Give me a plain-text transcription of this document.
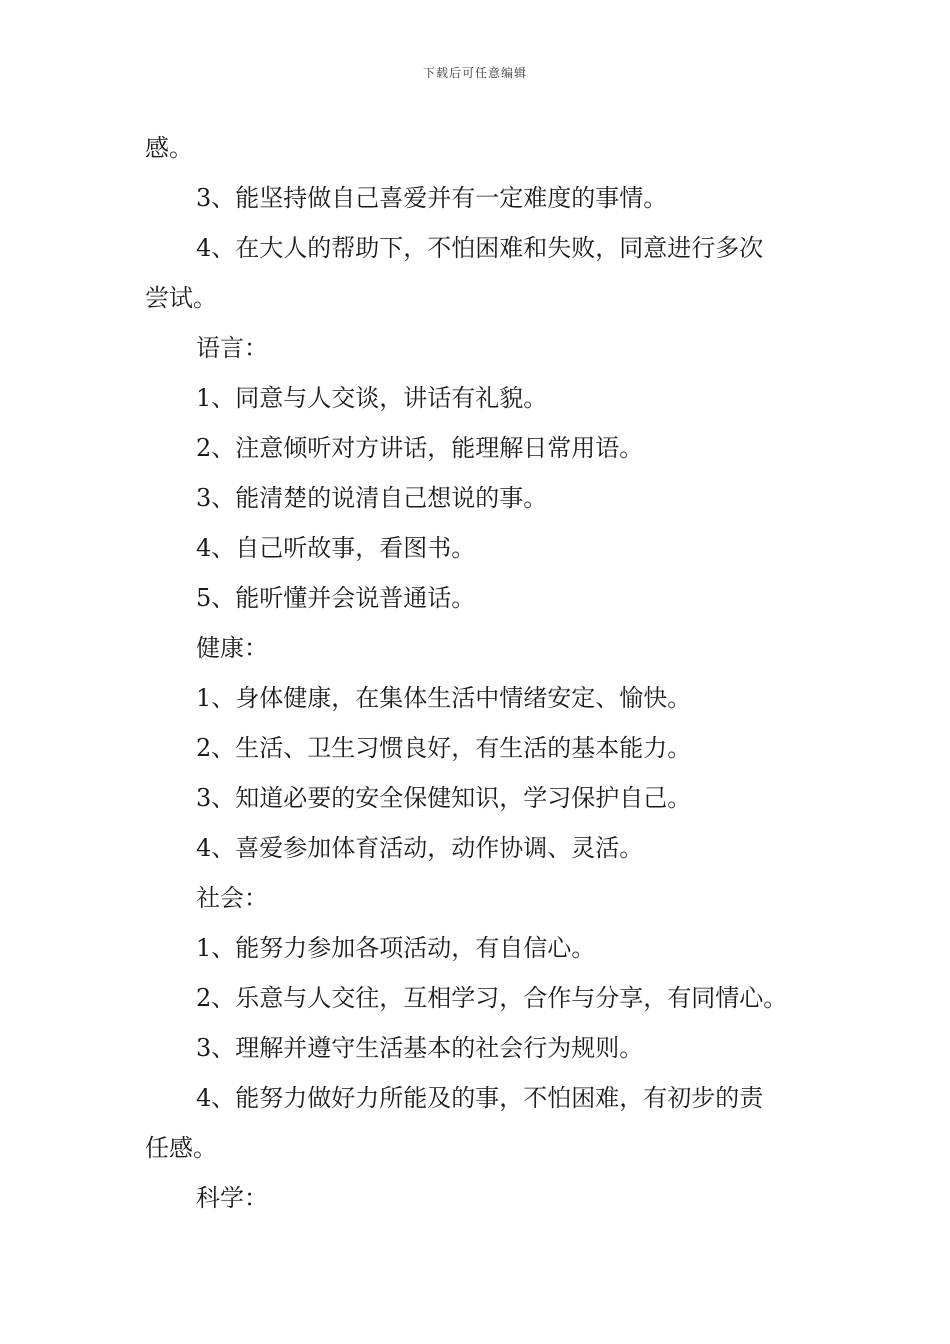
下载后可任意编辑
感。
3、能坚持做自己喜爱并有一定难度的事情。
4、在大人的帮助下，不怕困难和失败，同意进行多次
尝试。
语言：
1、同意与人交谈，讲话有礼貌。
2、注意倾听对方讲话，能理解日常用语。
3、能清楚的说清自己想说的事。
4、自己听故事，看图书。
5、能听懂并会说普通话。
健康：
1、身体健康，在集体生活中情绪安定、愉快。
2、生活、卫生习惯良好，有生活的基本能力。
3、知道必要的安全保健知识，学习保护自己。
4、喜爱参加体育活动，动作协调、灵活。
社会：
1、能努力参加各项活动，有自信心。
2、乐意与人交往，互相学习，合作与分享，有同情心。
3、理解并遵守生活基本的社会行为规则。
4、能努力做好力所能及的事，不怕困难，有初步的责
任感。
科学：
